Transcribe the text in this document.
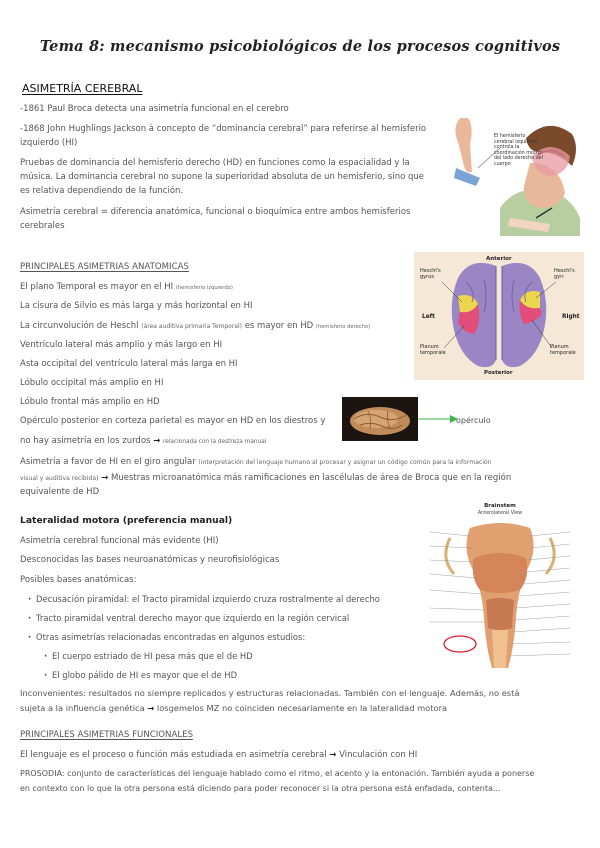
Tema 8: mecanismo psicobiológicos de los procesos cognitivos
ASIMETRÍA CEREBRAL
-1861 Paul Broca detecta una asimetría funcional en el cerebro
-1868 John Hughlings Jackson à concepto de “dominancia cerebral” para referirse al hemisferio
izquierdo (HI)
Pruebas de dominancia del hemisferio derecho (HD) en funciones como la espacialidad y la
música. La dominancia cerebral no supone la superioridad absoluta de un hemisferio, sino que
es relativa dependiendo de la función.
Asimetría cerebral = diferencia anatómica, funcional o bioquímica entre ambos hemisferios
cerebrales
El hemisferio cerebral izquierdo controla la coordinación motriz del lado derecho del cuerpo
PRINCIPALES ASIMETRIAS ANATOMICAS
El plano Temporal es mayor en el HI (hemisferio izquierdo)
La cisura de Silvio es más larga y más horizontal en HI
La circunvolución de Heschl (área auditiva primaria Temporal) es mayor en HD (hemisferio derecho)
Ventrículo lateral más amplio y más largo en HI
Asta occipital del ventrículo lateral más larga en HI
Lóbulo occipital más amplio en HI
Lóbulo frontal más amplio en HD
Opérculo posterior en corteza parietal es mayor en HD en los diestros y
no hay asimetría en los zurdos → relacionada con la destreza manual
opérculo
Anterior
Posterior
Left	Right
Heschl's gyrus
Heschl's gyri
Planum temporale
Planum temporale
Asimetría a favor de HI en el giro angular (interpretación del lenguaje humano al procesar y asignar un código común para la información
visual y auditiva recibida) → Muestras microanatómica más ramificaciones en lascélulas de área de Broca que en la región
equivalente de HD
Lateralidad motora (preferencia manual)
Asimetría cerebral funcional más evidente (HI)
Desconocidas las bases neuroanatómicas y neurofisiológicas
Posibles bases anatómicas:
· Decusación piramidal: el Tracto piramidal izquierdo cruza rostralmente al derecho
· Tracto piramidal ventral derecho mayor que izquierdo en la región cervical
· Otras asimetrías relacionadas encontradas en algunos estudios:
· El cuerpo estriado de HI pesa más que el de HD
· El globo pálido de HI es mayor que el de HD
Brainstem
Anterolateral View
Inconvenientes: resultados no siempre replicados y estructuras relacionadas. También con el lenguaje. Además, no está
sujeta a la influencia genética → losgemelos MZ no coinciden necesariamente en la lateralidad motora
PRINCIPALES ASIMETRIAS FUNCIONALES
El lenguaje es el proceso o función más estudiada en asimetría cerebral → Vinculación con HI
PROSODIA: conjunto de características del lenguaje hablado como el ritmo, el acento y la entonación. También ayuda a ponerse
en contexto con lo que la otra persona está diciendo para poder reconocer si la otra persona está enfadada, contenta...
